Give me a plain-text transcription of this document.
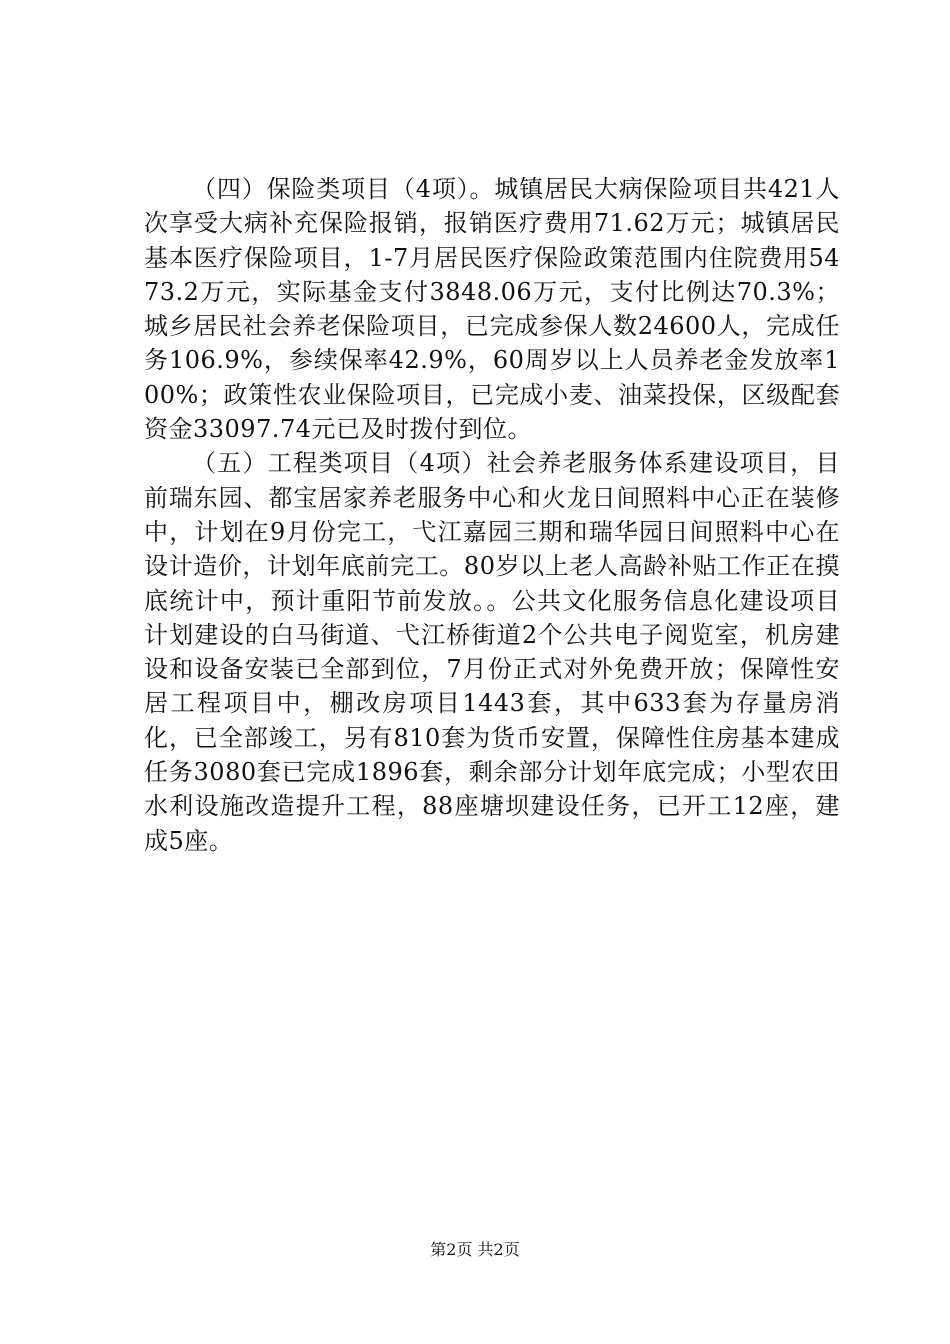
（四）保险类项目（4项）。城镇居民大病保险项目共421人次享受大病补充保险报销，报销医疗费用71.62万元；城镇居民基本医疗保险项目，1-7月居民医疗保险政策范围内住院费用5473.2万元，实际基金支付3848.06万元，支付比例达70.3%；城乡居民社会养老保险项目，已完成参保人数24600人，完成任务106.9%，参续保率42.9%，60周岁以上人员养老金发放率100%；政策性农业保险项目，已完成小麦、油菜投保，区级配套资金33097.74元已及时拨付到位。

（五）工程类项目（4项）社会养老服务体系建设项目，目前瑞东园、都宝居家养老服务中心和火龙日间照料中心正在装修中，计划在9月份完工，弋江嘉园三期和瑞华园日间照料中心在设计造价，计划年底前完工。80岁以上老人高龄补贴工作正在摸底统计中，预计重阳节前发放。。公共文化服务信息化建设项目计划建设的白马街道、弋江桥街道2个公共电子阅览室，机房建设和设备安装已全部到位，7月份正式对外免费开放；保障性安居工程项目中，棚改房项目1443套，其中633套为存量房消化，已全部竣工，另有810套为货币安置，保障性住房基本建成任务3080套已完成1896套，剩余部分计划年底完成；小型农田水利设施改造提升工程，88座塘坝建设任务，已开工12座，建成5座。

第2页 共2页
